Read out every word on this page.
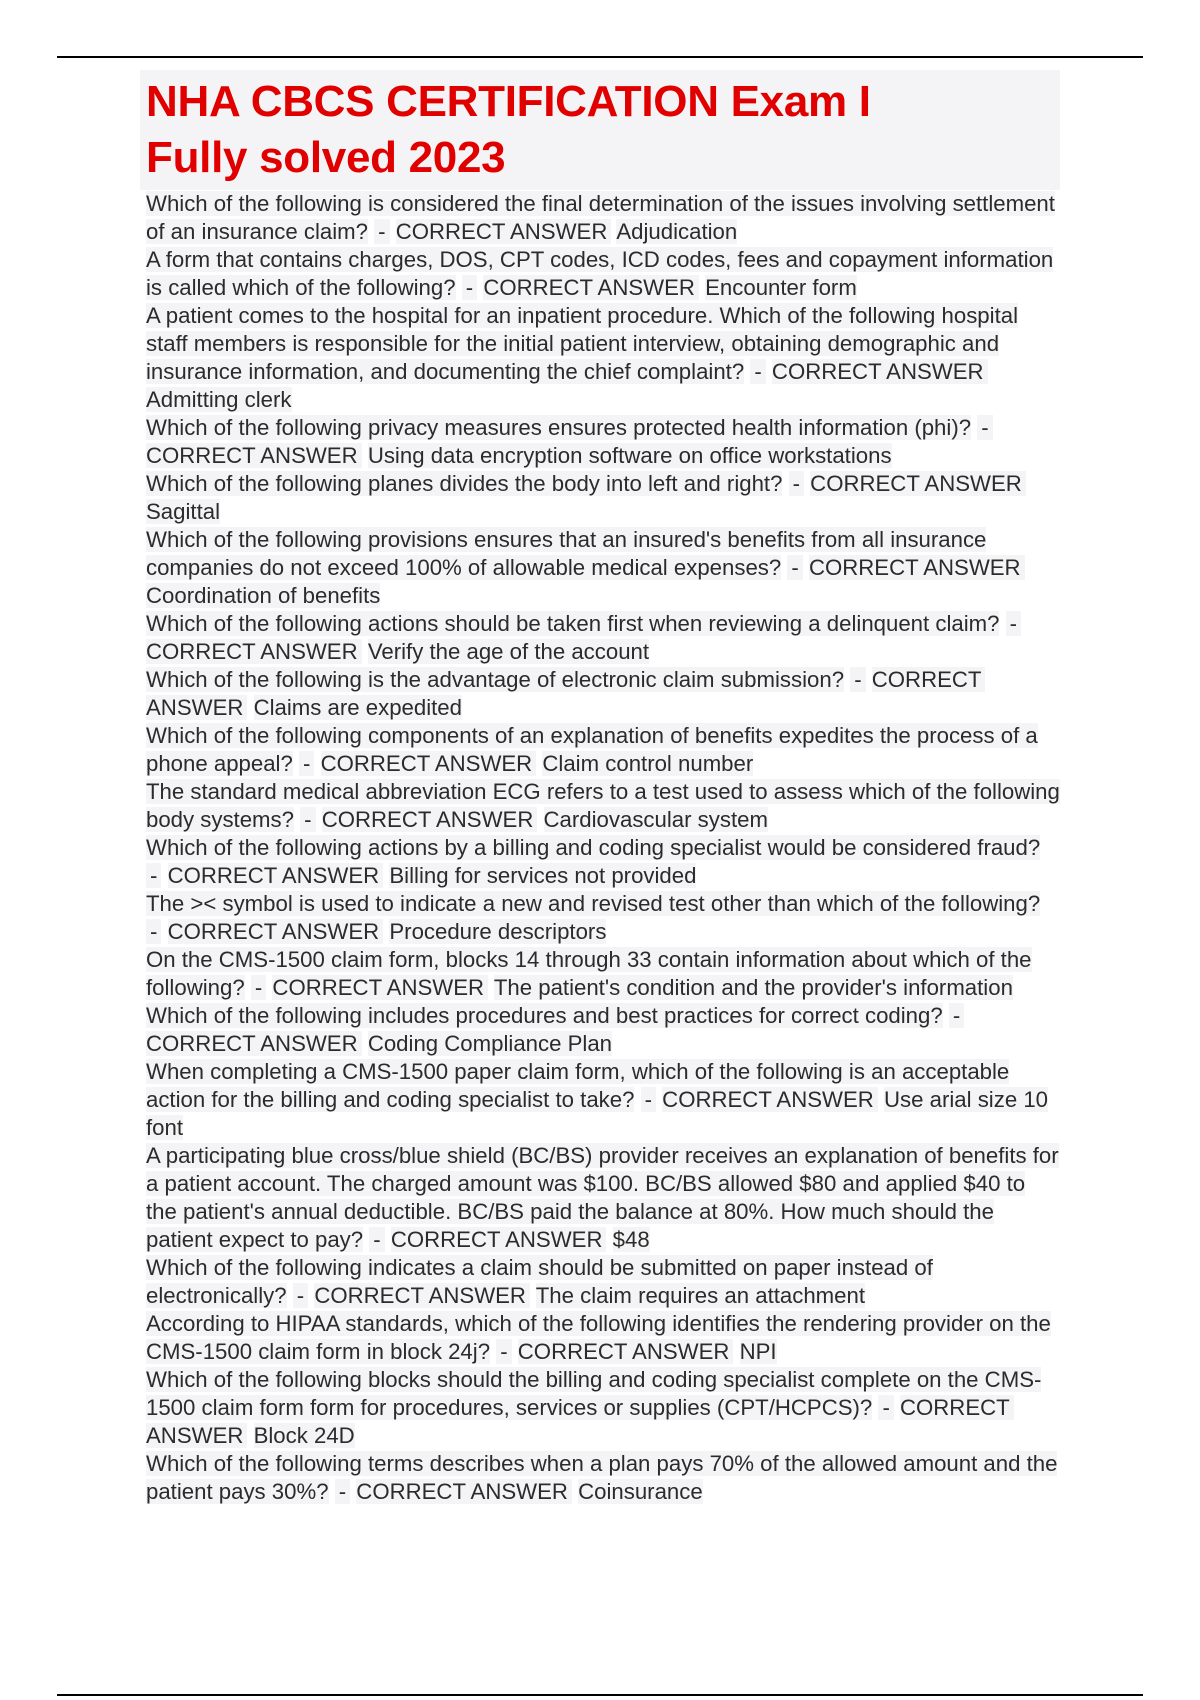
NHA CBCS CERTIFICATION Exam I
Fully solved 2023
Which of the following is considered the final determination of the issues involving settlement of an insurance claim? - CORRECT ANSWER Adjudication
A form that contains charges, DOS, CPT codes, ICD codes, fees and copayment information is called which of the following? - CORRECT ANSWER Encounter form
A patient comes to the hospital for an inpatient procedure. Which of the following hospital staff members is responsible for the initial patient interview, obtaining demographic and insurance information, and documenting the chief complaint? - CORRECT ANSWER Admitting clerk
Which of the following privacy measures ensures protected health information (phi)? - CORRECT ANSWER Using data encryption software on office workstations
Which of the following planes divides the body into left and right? - CORRECT ANSWER Sagittal
Which of the following provisions ensures that an insured's benefits from all insurance companies do not exceed 100% of allowable medical expenses? - CORRECT ANSWER Coordination of benefits
Which of the following actions should be taken first when reviewing a delinquent claim? - CORRECT ANSWER Verify the age of the account
Which of the following is the advantage of electronic claim submission? - CORRECT ANSWER Claims are expedited
Which of the following components of an explanation of benefits expedites the process of a phone appeal? - CORRECT ANSWER Claim control number
The standard medical abbreviation ECG refers to a test used to assess which of the following body systems? - CORRECT ANSWER Cardiovascular system
Which of the following actions by a billing and coding specialist would be considered fraud? - CORRECT ANSWER Billing for services not provided
The >< symbol is used to indicate a new and revised test other than which of the following? - CORRECT ANSWER Procedure descriptors
On the CMS-1500 claim form, blocks 14 through 33 contain information about which of the following? - CORRECT ANSWER The patient's condition and the provider's information
Which of the following includes procedures and best practices for correct coding? - CORRECT ANSWER Coding Compliance Plan
When completing a CMS-1500 paper claim form, which of the following is an acceptable action for the billing and coding specialist to take? - CORRECT ANSWER Use arial size 10 font
A participating blue cross/blue shield (BC/BS) provider receives an explanation of benefits for a patient account. The charged amount was $100. BC/BS allowed $80 and applied $40 to the patient's annual deductible. BC/BS paid the balance at 80%. How much should the patient expect to pay? - CORRECT ANSWER $48
Which of the following indicates a claim should be submitted on paper instead of electronically? - CORRECT ANSWER The claim requires an attachment
According to HIPAA standards, which of the following identifies the rendering provider on the CMS-1500 claim form in block 24j? - CORRECT ANSWER NPI
Which of the following blocks should the billing and coding specialist complete on the CMS-1500 claim form form for procedures, services or supplies (CPT/HCPCS)? - CORRECT ANSWER Block 24D
Which of the following terms describes when a plan pays 70% of the allowed amount and the patient pays 30%? - CORRECT ANSWER Coinsurance
